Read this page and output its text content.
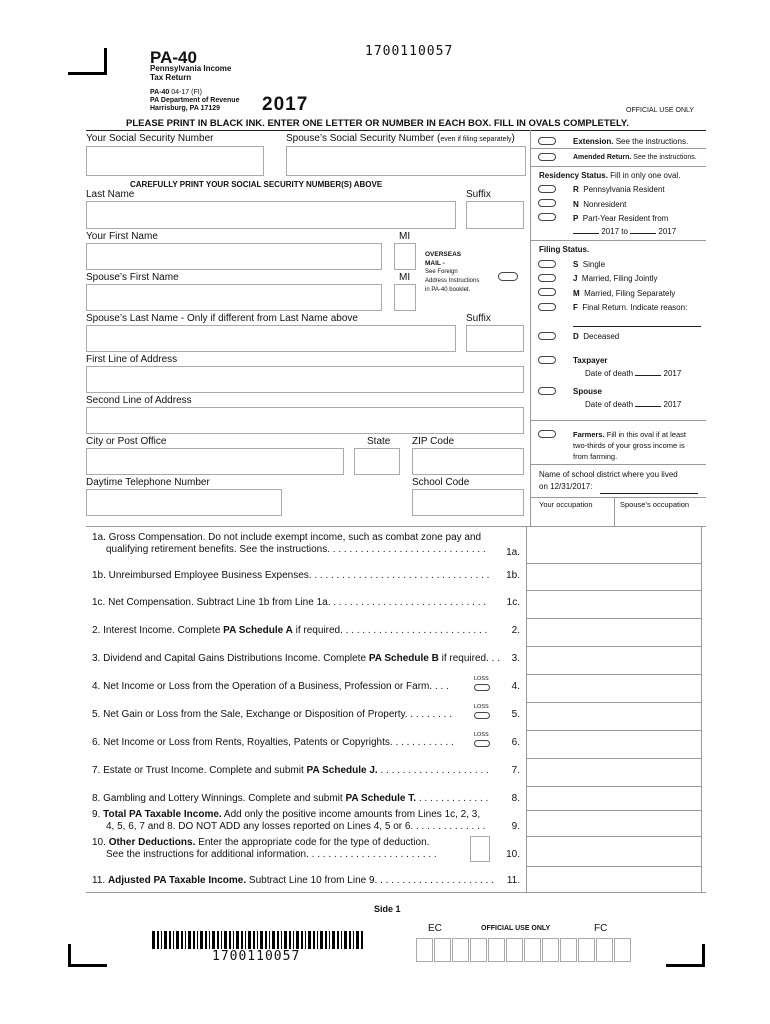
PA-40
Pennsylvania Income
Tax Return
PA-40 04-17 (FI)
PA Department of Revenue
Harrisburg, PA 17129 2017
1700110057
OFFICIAL USE ONLY
PLEASE PRINT IN BLACK INK. ENTER ONE LETTER OR NUMBER IN EACH BOX. FILL IN OVALS COMPLETELY.
Your Social Security Number	Spouse’s Social Security Number (even if filing separately)
CAREFULLY PRINT YOUR SOCIAL SECURITY NUMBER(S) ABOVE
Last Name	Suffix
Your First Name	MI
OVERSEAS
MAIL -
See Foreign
Address Instructions
in PA-40 booklet.
Spouse’s First Name	MI
Spouse’s Last Name - Only if different from Last Name above	Suffix
First Line of Address
Second Line of Address
City or Post Office	State ZIP Code
Daytime Telephone Number	School Code
Extension. See the instructions.
Amended Return. See the instructions.
Residency Status. Fill in only one oval.
R Pennsylvania Resident
N Nonresident
P Part-Year Resident from
2017 to	2017
Filing Status.
S Single
J Married, Filing Jointly
M Married, Filing Separately
F Final Return. Indicate reason:
D Deceased
Taxpayer
Date of death	2017
Spouse
Date of death	2017
Farmers. Fill in this oval if at least
two-thirds of your gross income is
from farming.
Name of school district where you lived
on 12/31/2017:
Your occupation	Spouse’s occupation
1a. Gross Compensation. Do not include exempt income, such as combat zone pay and
qualifying retirement benefits. See the instructions. . . . . . . . . . . . . . . . . . . . . . . . . . . . .	1a.
1b. Unreimbursed Employee Business Expenses. . . . . . . . . . . . . . . . . . . . . . . . . . . . . . . . .	1b.
1c. Net Compensation. Subtract Line 1b from Line 1a. . . . . . . . . . . . . . . . . . . . . . . . . . . . .	1c.
2. Interest Income. Complete PA Schedule A if required. . . . . . . . . . . . . . . . . . . . . . . . . . .	2.
3. Dividend and Capital Gains Distributions Income. Complete PA Schedule B if required. . .	3.
4. Net Income or Loss from the Operation of a Business, Profession or Farm. . . .
LOSS
4.
5. Net Gain or Loss from the Sale, Exchange or Disposition of Property. . . . . . . . .
LOSS
5.
6. Net Income or Loss from Rents, Royalties, Patents or Copyrights. . . . . . . . . . . .
LOSS
6.
7. Estate or Trust Income. Complete and submit PA Schedule J. . . . . . . . . . . . . . . . . . . . .	7.
8. Gambling and Lottery Winnings. Complete and submit PA Schedule T. . . . . . . . . . . . . .	8.
9. Total PA Taxable Income. Add only the positive income amounts from Lines 1c, 2, 3,
4, 5, 6, 7 and 8. DO NOT ADD any losses reported on Lines 4, 5 or 6. . . . . . . . . . . . . .	9.
10. Other Deductions. Enter the appropriate code for the type of deduction.
See the instructions for additional information. . . . . . . . . . . . . . . . . . . . . . . .	10.
11. Adjusted PA Taxable Income. Subtract Line 10 from Line 9. . . . . . . . . . . . . . . . . . . . . .	11.
Side 1
EC	OFFICIAL USE ONLY	FC
1700110057
